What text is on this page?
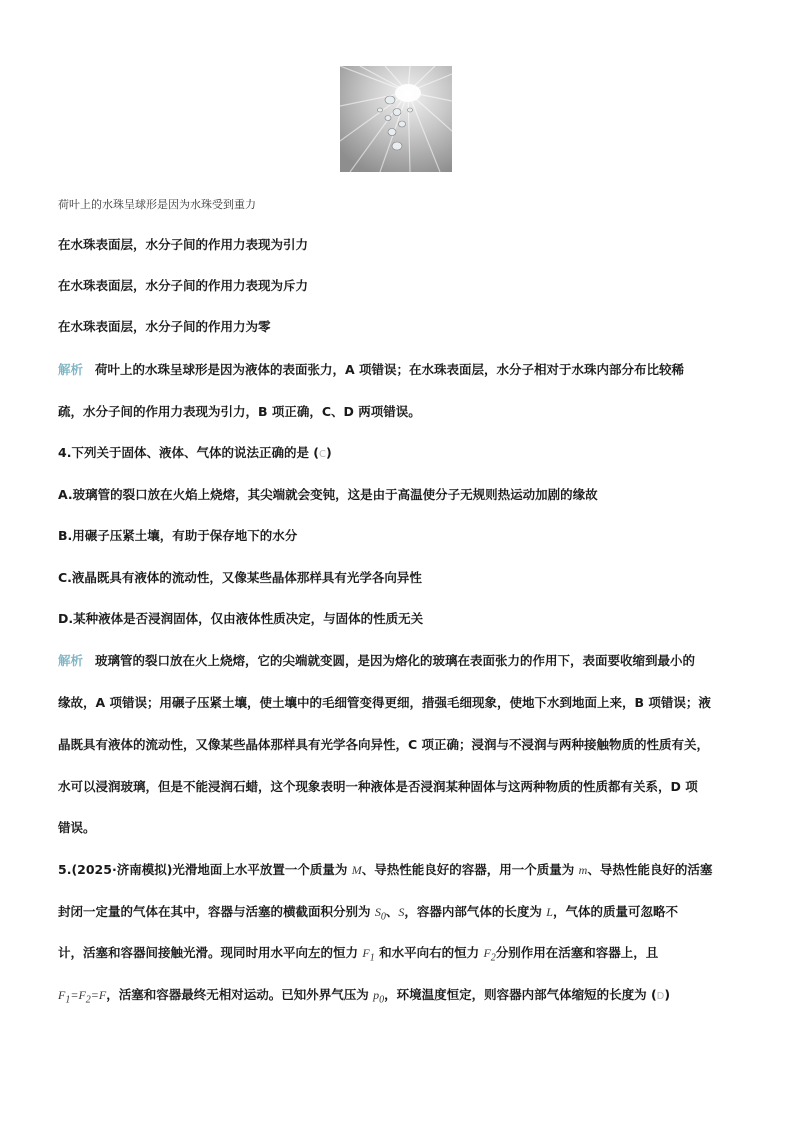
荷叶上的水珠呈球形是因为水珠受到重力
在水珠表面层，水分子间的作用力表现为引力
在水珠表面层，水分子间的作用力表现为斥力
在水珠表面层，水分子间的作用力为零
解析 荷叶上的水珠呈球形是因为液体的表面张力，A 项错误；在水珠表面层，水分子相对于水珠内部分布比较稀
疏，水分子间的作用力表现为引力，B 项正确，C、D 两项错误。
4.下列关于固体、液体、气体的说法正确的是 (C)
A.玻璃管的裂口放在火焰上烧熔，其尖端就会变钝，这是由于高温使分子无规则热运动加剧的缘故
B.用碾子压紧土壤，有助于保存地下的水分
C.液晶既具有液体的流动性，又像某些晶体那样具有光学各向异性
D.某种液体是否浸润固体，仅由液体性质决定，与固体的性质无关
解析 玻璃管的裂口放在火上烧熔，它的尖端就变圆，是因为熔化的玻璃在表面张力的作用下，表面要收缩到最小的
缘故，A 项错误；用碾子压紧土壤，使土壤中的毛细管变得更细，措强毛细现象，使地下水到地面上来，B 项错误；液
晶既具有液体的流动性，又像某些晶体那样具有光学各向异性，C 项正确；浸润与不浸润与两种接触物质的性质有关，
水可以浸润玻璃，但是不能浸润石蜡，这个现象表明一种液体是否浸润某种固体与这两种物质的性质都有关系，D 项
错误。
5.(2025·济南模拟)光滑地面上水平放置一个质量为 M、导热性能良好的容器，用一个质量为 m、导热性能良好的活塞
封闭一定量的气体在其中，容器与活塞的横截面积分别为 $S_0$、S，容器内部气体的长度为 L，气体的质量可忽略不
计，活塞和容器间接触光滑。现同时用水平向左的恒力 $F_1$ 和水平向右的恒力 $F_2$分别作用在活塞和容器上，且
$F_1=F_2=F$，活塞和容器最终无相对运动。已知外界气压为 $p_0$，环境温度恒定，则容器内部气体缩短的长度为 (D)
